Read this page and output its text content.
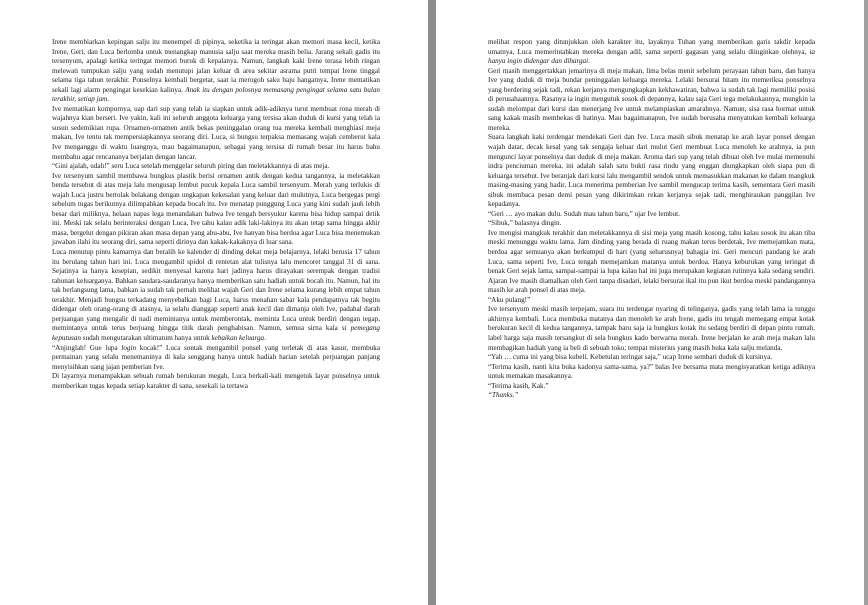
Irene membiarkan kepingan salju itu menempel di pipinya, seketika ia teringat akan memori masa kecil, ketika Irene, Geri, dan Luca berlomba untuk menangkap manusia salju saat mereka masih belia. Jarang sekali gadis itu tersenyum, apalagi ketika teringat memori buruk di kepalanya. Namun, langkah kaki Irene terasa lebih ringan melewati tumpukan salju yang sudah menutupi jalan keluar di area sekitar asrama putri tempat Irene tinggal selama tiga tahun terakhir. Ponselnya kembali bergetar, saat ia merogoh saku baju hangatnya, Irene mematikan sekali lagi alarm pengingat kesekian kalinya. Anak itu dengan polosnya memasang pengingat selama satu bulan terakhir, setiap jam.

Ive mematikan kompornya, uap dari sup yang telah ia siapkan untuk adik-adiknya turut membuat rona merah di wajahnya kian berseri. Ive yakin, kali ini seluruh anggota keluarga yang tersisa akan duduk di kursi yang telah ia susun sedemikian rupa. Ornamen-ornamen antik bekas peninggalan orang tua mereka kembali menghiasi meja makan, Ive tentu tak mempersiapkannya seorang diri. Luca, si bungsu terpaksa memasang wajah cemberut kala Ive menganggu di waktu luangnya, mau bagaimanapun, sebagai yang tersisa di rumah besar itu harus bahu membahu agar rencananya berjalan dengan lancar.

“Gini ajalah, udah!” seru Luca setelah menggelar seluruh piring dan meletakkannya di atas meja.

Ive tersenyum sambil membawa bungkus plastik berisi ornamen antik dengan kedua tangannya, ia meletakkan benda tersebut di atas meja lalu mengusap lembut pucuk kepala Luca sambil tersenyum. Merah yang terlukis di wajah Luca justru bertolak belakang dengan ungkapan kekesalan yang keluar dari mulutnya, Luca bergegas pergi sebelum tugas berikutnya dilimpahkan kepada bocah itu. Ive menatap punggung Luca yang kini sudah jauh lebih besar dari miliknya, helaan napas lega menandakan bahwa Ive tengah bersyukur karena bisa hidup sampai detik ini. Meski tak selalu berinteraksi dengan Luca, Ive tahu kalau adik laki-lakinya itu akan tetap sama hingga akhir masa, bergelut dengan pikiran akan masa depan yang abu-abu, Ive hanyan bisa berdoa agar Luca bisa menemukan jawaban ilahi itu seorang diri, sama seperti dirinya dan kakak-kakaknya di luar sana.

Luca menutup pintu kamarnya dan beralih ke kalender di dinding dekat meja belajarnya, lelaki berusia 17 tahun itu berulang tahun hari ini. Luca mengambil spidol di rentetan alat tulisnya lalu mencoret tanggal 31 di sana. Sejatinya ia hanya kesepian, sedikit menyesal karena hari jadinya harus dirayakan serempak dengan tradisi tahunan keluarganya. Bahkan saudara-saudaranya hanya memberikan satu hadiah untuk bocah itu. Namun, hal itu tak berlangsung lama, bahkan ia sudah tak pernah melihat wajah Geri dan Irene selama kurang lebih empat tahun terakhir. Menjadi bungsu terkadang menyebalkan bagi Luca, harus menahan sabar kala pendapatnya tak begitu didengar oleh orang-orang di atasnya, ia selalu dianggap seperti anak kecil dan dimanja oleh Ive, padahal darah perjuangan yang mengalir di nadi memintanya untuk memberontak, meminta Luca untuk berdiri dengan tegap, memintanya untuk terus berjuang hingga titik darah penghabisan. Namun, semua sirna kala si pemegang keputusan sudah mengutarakan ultimatum hanya untuk kebaikan keluarga.

“Anjinglah! Gue lupa login kocak!” Luca sontak mengambil ponsel yang terletak di atas kasur, membuka permainan yang selalu menemaninya di kala senggang hanya untuk hadiah harian setelah perjuangan panjang menyisihkan uang jajan pemberian Ive.

Di layarnya menampakkan sebuah rumah berukuran megah, Luca berkali-kali mengetuk layar ponselnya untuk memberikan tugas kepada setiap karakter di sana, sesekali ia tertawa

melihat respon yang ditunjukkan oleh karakter itu, layaknya Tuhan yang memberikan garis takdir kepada umatnya, Luca memerintahkan mereka dengan adil, sama seperti gagasan yang selalu diinginkan olehnya, ia hanya ingin didengar dan dihargai.

Geri masih menggertakkan jemarinya di meja makan, lima belas menit sebelum perayaan tahun baru, dan hanya Ive yang duduk di meja bundar peninggalan keluarga mereka. Lelaki bersurai hitam itu memeriksa ponselnya yang berdering sejak tadi, rekan kerjanya mengungkapkan kekhawatiran, bahwa ia sudah tak lagi memiliki posisi di perusahaannya. Rasanya ia ingin mengutuk sosok di depannya, kalau saja Geri tega melakukannya, mungkin ia sudah melompat dari kursi dan menerjang Ive untuk melampiaskan amarahnya. Namun, sisa rasa hormat untuk sang kakak masih membekas di hatinya. Mau bagaimanapun, Ive sudah berusaha menyatukan kembali keluarga mereka.

Suara langkah kaki terdengar mendekati Geri dan Ive. Luca masih sibuk menatap ke arah layar ponsel dengan wajah datar, decak kesal yang tak sengaja keluar dari mulut Geri membuat Luca menoleh ke arahnya, ia pun mengunci layar ponselnya dan duduk di meja makan. Aroma dari sup yang telah dibuat oleh Ive mulai memenuhi indra penciuman mereka, ini adalah salah satu bukti rasa rindu yang enggan diungkapkan oleh siapa pun di keluarga tersebut. Ive beranjak dari kursi lalu mengambil sendok untuk memasukkan makanan ke dalam mangkuk masing-masing yang hadir, Luca menerima pemberian Ive sambil mengucap terima kasih, sementara Geri masih sibuk membaca pesan demi pesan yang dikirimkan rekan kerjanya sejak tadi, menghiraukan panggilan Ive kepadanya.

“Geri … ayo makan dulu. Sudah mau tahun baru,” ujar Ive lembut.

“Sibuk,” balasnya dingin.

Ive mengisi mangkuk terakhir dan meletakkannya di sisi meja yang masih kosong, tahu kalau sosok itu akan tiba meski menunggu waktu lama. Jam dinding yang berada di ruang makan terus berdetak, Ive memejamkan mata, berdoa agar semuanya akan berkumpul di hari (yang seharusnya) bahagia ini. Geri mencuri pandang ke arah Luca, sama seperti Ive, Luca tengah memejamkan matanya untuk berdoa. Hanya keburukan yang teringat di benak Geri sejak lama, sampai-sampai ia lupa kalau hal ini juga merupakan kegiatan rutinnya kala sedang sendiri. Ajaran Ive masih diamalkan oleh Geri tanpa disadari, lelaki bersurai ikal itu pun ikut berdoa meski pandangannya masih ke arah ponsel di atas meja.

“Aku pulang!”

Ive tersenyum meski masih terpejam, suara itu terdengar nyaring di telinganya, gadis yang telah lama ia tunggu akhirnya kembali. Luca membuka matanya dan menoleh ke arah Irene, gadis itu tengah memegang empat kotak berukuran kecil di kedua tangannya, tampak baru saja ia bungkus kotak itu sedang berdiri di depan pintu rumah, label harga saja masih tersangkut di sela bungkus kado berwarna merah. Irene berjalan ke arah meja makan lalu membagikan hadiah yang ia beli di sebuah toko; tempat misterius yang masih buka kala salju melanda.

“Yah … cuma ini yang bisa kubeli. Kebetulan teringat saja,” ucap Irene sembari duduk di kursinya.

“Terima kasih, nanti kita buka kadonya sama-sama, ya?” balas Ive bersama mata mengisyaratkan ketiga adiknya untuk memakan masakannya.

“Terima kasih, Kak.”

“Thanks.”
